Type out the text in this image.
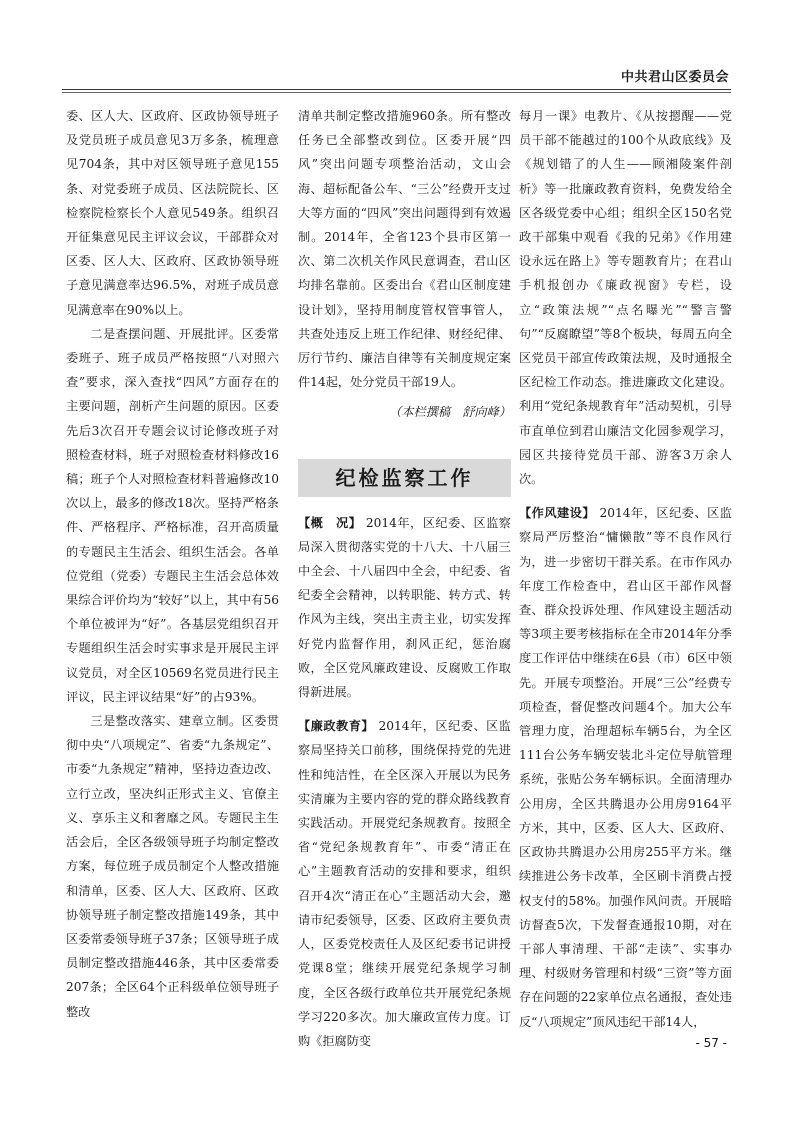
中共君山区委员会

委、区人大、区政府、区政协领导班子及党员班子成员意见3万多条，梳理意见704条，其中对区领导班子意见155条、对党委班子成员、区法院院长、区检察院检察长个人意见549条。组织召开征集意见民主评议会议，干部群众对区委、区人大、区政府、区政协领导班子意见满意率达96.5%，对班子成员意见满意率在90%以上。

二是查摆问题、开展批评。区委常委班子、班子成员严格按照“八对照六查”要求，深入查找“四风”方面存在的主要问题，剖析产生问题的原因。区委先后3次召开专题会议讨论修改班子对照检查材料，班子对照检查材料修改16稿；班子个人对照检查材料普遍修改10次以上，最多的修改18次。坚持严格条件、严格程序、严格标准，召开高质量的专题民主生活会、组织生活会。各单位党组（党委）专题民主生活会总体效果综合评价均为“较好”以上，其中有56个单位被评为“好”。各基层党组织召开专题组织生活会时实事求是开展民主评议党员，对全区10569名党员进行民主评议，民主评议结果“好”的占93%。

三是整改落实、建章立制。区委贯彻中央“八项规定”、省委“九条规定”、市委“九条规定”精神，坚持边查边改、立行立改，坚决纠正形式主义、官僚主义、享乐主义和奢靡之风。专题民主生活会后，全区各级领导班子均制定整改方案，每位班子成员制定个人整改措施和清单，区委、区人大、区政府、区政协领导班子制定整改措施149条，其中区委常委领导班子37条；区领导班子成员制定整改措施446条，其中区委常委207条；全区64个正科级单位领导班子整改

清单共制定整改措施960条。所有整改任务已全部整改到位。区委开展“四风”突出问题专项整治活动，文山会海、超标配备公车、“三公”经费开支过大等方面的“四风”突出问题得到有效遏制。2014年，全省123个县市区第一次、第二次机关作风民意调查，君山区均排名靠前。区委出台《君山区制度建设计划》，坚持用制度管权管事管人，共查处违反上班工作纪律、财经纪律、厉行节约、廉洁自律等有关制度规定案件14起，处分党员干部19人。

（本栏撰稿　舒向峰）
纪检监察工作

【概　况】 2014年，区纪委、区监察局深入贯彻落实党的十八大、十八届三中全会、十八届四中全会，中纪委、省纪委全会精神，以转职能、转方式、转作风为主线，突出主责主业，切实发挥好党内监督作用，刹风正纪，惩治腐败，全区党风廉政建设、反腐败工作取得新进展。

【廉政教育】 2014年，区纪委、区监察局坚持关口前移，围绕保持党的先进性和纯洁性，在全区深入开展以为民务实清廉为主要内容的党的群众路线教育实践活动。开展党纪条规教育。按照全省“党纪条规教育年”、市委“清正在心”主题教育活动的安排和要求，组织召开4次“清正在心”主题活动大会，邀请市纪委领导，区委、区政府主要负责人，区委党校责任人及区纪委书记讲授党课8堂；继续开展党纪条规学习制度，全区各级行政单位共开展党纪条规学习220多次。加大廉政宣传力度。订购《拒腐防变

每月一课》电教片、《从按摁醒——党员干部不能越过的100个从政底线》及《规划错了的人生——顾湘陵案件剖析》等一批廉政教育资料，免费发给全区各级党委中心组；组织全区150名党政干部集中观看《我的兄弟》《作用建设永远在路上》等专题教育片；在君山手机报创办《廉政视窗》专栏，设立“政策法规”“点名曝光”“警言警句”“反腐瞭望”等8个板块，每周五向全区党员干部宣传政策法规，及时通报全区纪检工作动态。推进廉政文化建设。利用“党纪条规教育年”活动契机，引导市直单位到君山廉洁文化园参观学习，园区共接待党员干部、游客3万余人次。

【作风建设】 2014年，区纪委、区监察局严厉整治“慵懒散”等不良作风行为，进一步密切干群关系。在市作风办年度工作检查中，君山区干部作风督查、群众投诉处理、作风建设主题活动等3项主要考核指标在全市2014年分季度工作评估中继续在6县（市）6区中领先。开展专项整治。开展“三公”经费专项检查，督促整改问题4个。加大公车管理力度，治理超标车辆5台，为全区111台公务车辆安装北斗定位导航管理系统，张贴公务车辆标识。全面清理办公用房，全区共腾退办公用房9164平方米，其中，区委、区人大、区政府、区政协共腾退办公用房255平方米。继续推进公务卡改革，全区刷卡消费占授权支付的58%。加强作风问责。开展暗访督查5次，下发督查通报10期，对在干部人事清理、干部“走读”、实事办理、村级财务管理和村级“三资”等方面存在问题的22家单位点名通报，查处违反“八项规定”顶风违纪干部14人，

- 57 -
